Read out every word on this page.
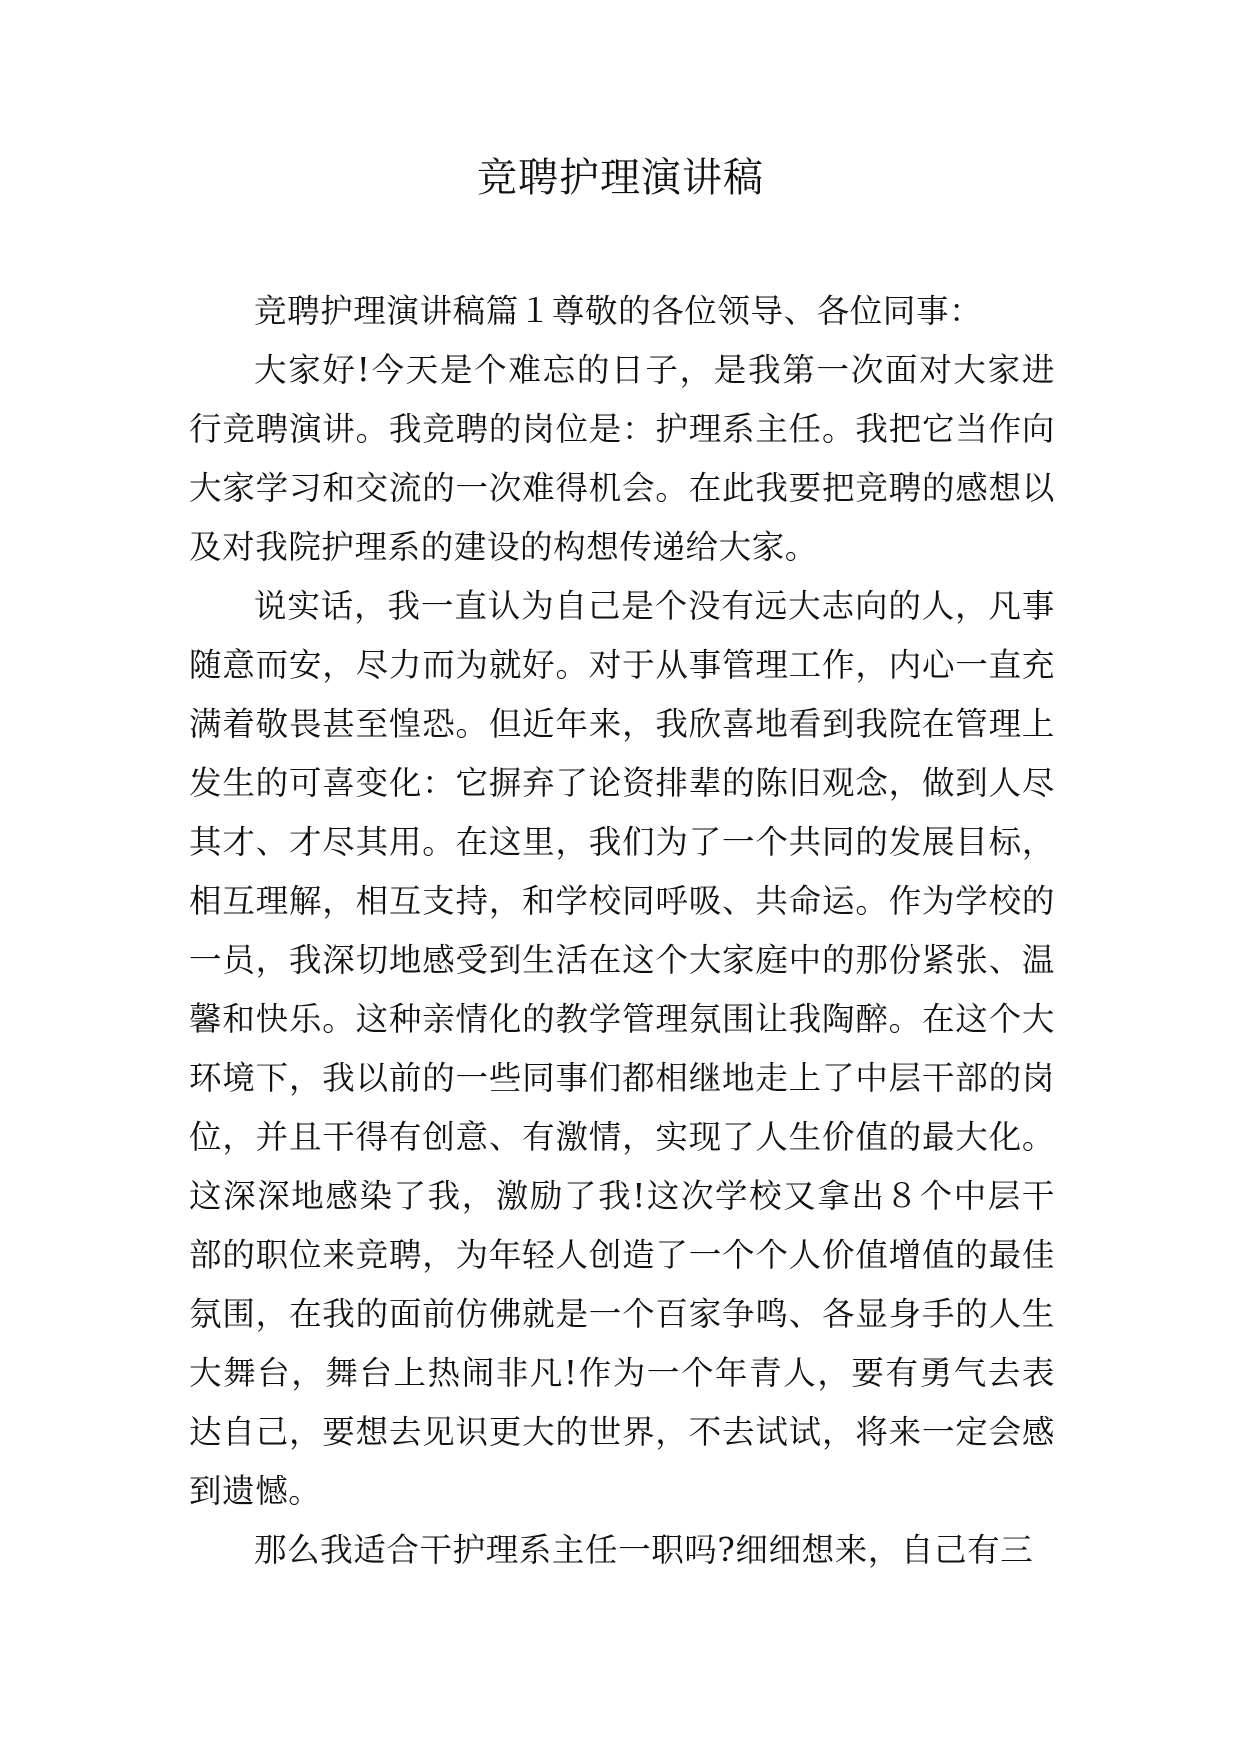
竞聘护理演讲稿

竞聘护理演讲稿篇１尊敬的各位领导、各位同事：

大家好!今天是个难忘的日子，是我第一次面对大家进行竞聘演讲。我竞聘的岗位是：护理系主任。我把它当作向大家学习和交流的一次难得机会。在此我要把竞聘的感想以及对我院护理系的建设的构想传递给大家。

说实话，我一直认为自己是个没有远大志向的人，凡事随意而安，尽力而为就好。对于从事管理工作，内心一直充满着敬畏甚至惶恐。但近年来，我欣喜地看到我院在管理上发生的可喜变化：它摒弃了论资排辈的陈旧观念，做到人尽其才、才尽其用。在这里，我们为了一个共同的发展目标，相互理解，相互支持，和学校同呼吸、共命运。作为学校的一员，我深切地感受到生活在这个大家庭中的那份紧张、温馨和快乐。这种亲情化的教学管理氛围让我陶醉。在这个大环境下，我以前的一些同事们都相继地走上了中层干部的岗位，并且干得有创意、有激情，实现了人生价值的最大化。这深深地感染了我，激励了我!这次学校又拿出８个中层干部的职位来竞聘，为年轻人创造了一个个人价值增值的最佳氛围，在我的面前仿佛就是一个百家争鸣、各显身手的人生大舞台，舞台上热闹非凡!作为一个年青人，要有勇气去表达自己，要想去见识更大的世界，不去试试，将来一定会感到遗憾。

那么我适合干护理系主任一职吗?细细想来，自己有三
